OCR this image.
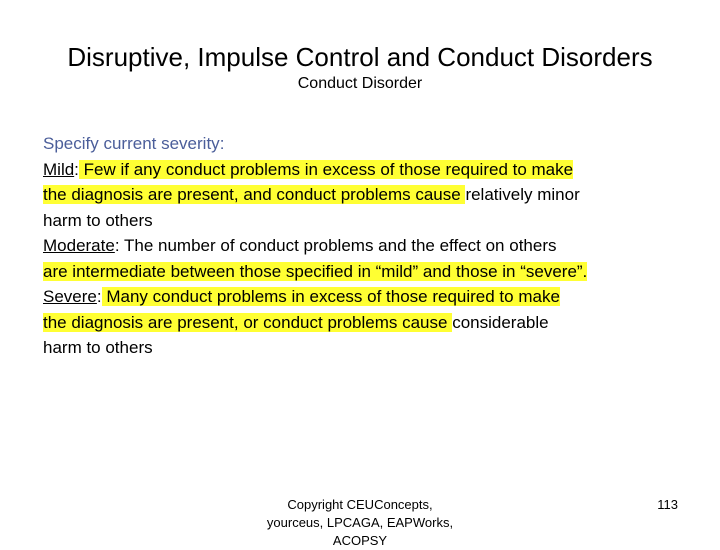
Disruptive, Impulse Control and Conduct Disorders
Conduct Disorder
Specify current severity:
Mild: Few if any conduct problems in excess of those required to make
the diagnosis are present, and conduct problems cause relatively minor
harm to others
Moderate: The number of conduct problems and the effect on others
are intermediate between those specified in “mild” and those in “severe”.
Severe: Many conduct problems in excess of those required to make
the diagnosis are present, or conduct problems cause considerable
harm to others
Copyright CEUConcepts,
yourceus, LPCAGA, EAPWorks,
ACOPSY
113
